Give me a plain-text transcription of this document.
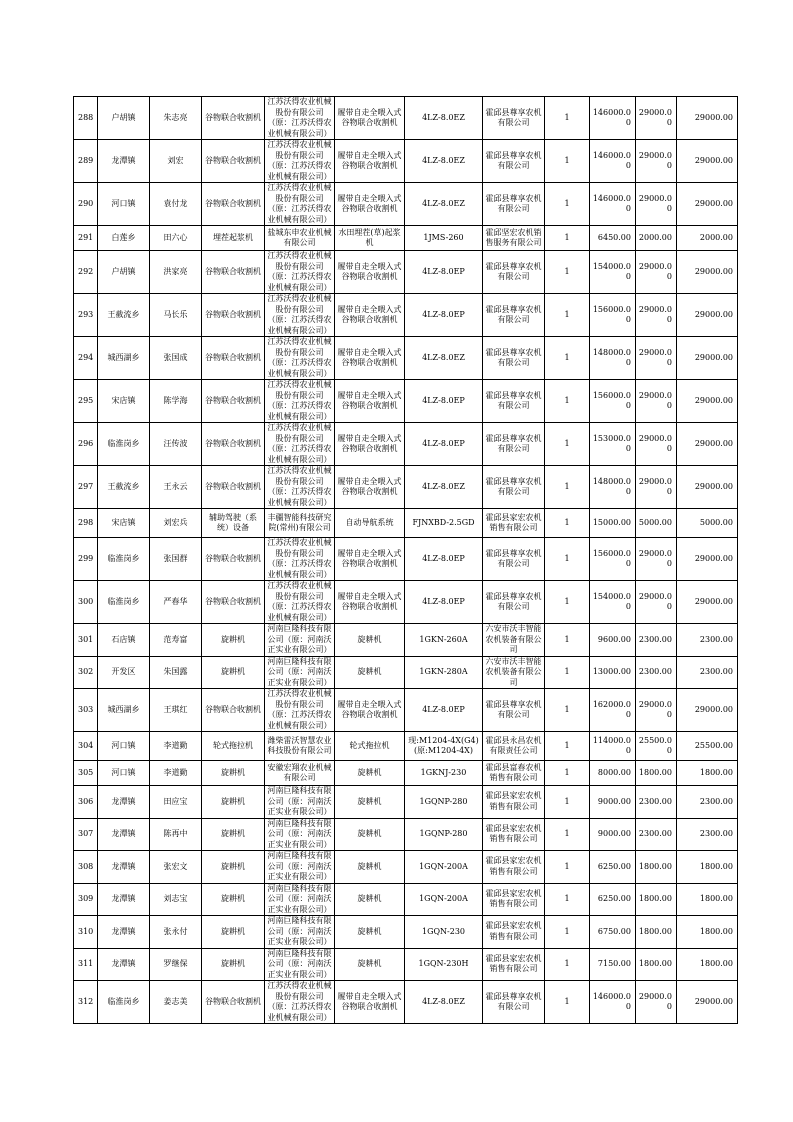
288	户胡镇	朱志亮	谷物联合收割机	江苏沃得农业机械股份有限公司（原：江苏沃得农业机械有限公司）	履带自走全喂入式谷物联合收割机	4LZ-8.0EZ	霍邱县尊享农机有限公司	1	146000.00	29000.00	29000.00
289	龙潭镇	刘宏	谷物联合收割机	江苏沃得农业机械股份有限公司（原：江苏沃得农业机械有限公司）	履带自走全喂入式谷物联合收割机	4LZ-8.0EZ	霍邱县尊享农机有限公司	1	146000.00	29000.00	29000.00
290	河口镇	袁付龙	谷物联合收割机	江苏沃得农业机械股份有限公司（原：江苏沃得农业机械有限公司）	履带自走全喂入式谷物联合收割机	4LZ-8.0EZ	霍邱县尊享农机有限公司	1	146000.00	29000.00	29000.00
291	白莲乡	田六心	埋茬起浆机	盐城东申农业机械有限公司	水田埋茬(草)起浆机	1JMS-260	霍邱坚宏农机销售服务有限公司	1	6450.00	2000.00	2000.00
292	户胡镇	洪家亮	谷物联合收割机	江苏沃得农业机械股份有限公司（原：江苏沃得农业机械有限公司）	履带自走全喂入式谷物联合收割机	4LZ-8.0EP	霍邱县尊享农机有限公司	1	154000.00	29000.00	29000.00
293	王截流乡	马长乐	谷物联合收割机	江苏沃得农业机械股份有限公司（原：江苏沃得农业机械有限公司）	履带自走全喂入式谷物联合收割机	4LZ-8.0EP	霍邱县尊享农机有限公司	1	156000.00	29000.00	29000.00
294	城西湖乡	张国成	谷物联合收割机	江苏沃得农业机械股份有限公司（原：江苏沃得农业机械有限公司）	履带自走全喂入式谷物联合收割机	4LZ-8.0EZ	霍邱县尊享农机有限公司	1	148000.00	29000.00	29000.00
295	宋店镇	陈学海	谷物联合收割机	江苏沃得农业机械股份有限公司（原：江苏沃得农业机械有限公司）	履带自走全喂入式谷物联合收割机	4LZ-8.0EP	霍邱县尊享农机有限公司	1	156000.00	29000.00	29000.00
296	临淮岗乡	汪传波	谷物联合收割机	江苏沃得农业机械股份有限公司（原：江苏沃得农业机械有限公司）	履带自走全喂入式谷物联合收割机	4LZ-8.0EP	霍邱县尊享农机有限公司	1	153000.00	29000.00	29000.00
297	王截流乡	王永云	谷物联合收割机	江苏沃得农业机械股份有限公司（原：江苏沃得农业机械有限公司）	履带自走全喂入式谷物联合收割机	4LZ-8.0EZ	霍邱县尊享农机有限公司	1	148000.00	29000.00	29000.00
298	宋店镇	刘宏兵	辅助驾驶（系统）设备	丰疆智能科技研究院(常州)有限公司	自动导航系统	FJNXBD-2.5GD	霍邱县家宏农机销售有限公司	1	15000.00	5000.00	5000.00
299	临淮岗乡	张国群	谷物联合收割机	江苏沃得农业机械股份有限公司（原：江苏沃得农业机械有限公司）	履带自走全喂入式谷物联合收割机	4LZ-8.0EP	霍邱县尊享农机有限公司	1	156000.00	29000.00	29000.00
300	临淮岗乡	严春华	谷物联合收割机	江苏沃得农业机械股份有限公司（原：江苏沃得农业机械有限公司）	履带自走全喂入式谷物联合收割机	4LZ-8.0EP	霍邱县尊享农机有限公司	1	154000.00	29000.00	29000.00
301	石店镇	范寿富	旋耕机	河南巨隆科技有限公司（原：河南沃正实业有限公司）	旋耕机	1GKN-260A	六安市沃丰智能农机装备有限公司	1	9600.00	2300.00	2300.00
302	开发区	朱国露	旋耕机	河南巨隆科技有限公司（原：河南沃正实业有限公司）	旋耕机	1GKN-280A	六安市沃丰智能农机装备有限公司	1	13000.00	2300.00	2300.00
303	城西湖乡	王琪红	谷物联合收割机	江苏沃得农业机械股份有限公司（原：江苏沃得农业机械有限公司）	履带自走全喂入式谷物联合收割机	4LZ-8.0EP	霍邱县尊享农机有限公司	1	162000.00	29000.00	29000.00
304	河口镇	李道勤	轮式拖拉机	潍柴雷沃智慧农业科技股份有限公司	轮式拖拉机	现:M1204-4X(G4)(原:M1204-4X)	霍邱县永昌农机有限责任公司	1	114000.00	25500.00	25500.00
305	河口镇	李道勤	旋耕机	安徽宏翔农业机械有限公司	旋耕机	1GKNJ-230	霍邱县富春农机销售有限公司	1	8000.00	1800.00	1800.00
306	龙潭镇	田应宝	旋耕机	河南巨隆科技有限公司（原：河南沃正实业有限公司）	旋耕机	1GQNP-280	霍邱县家宏农机销售有限公司	1	9000.00	2300.00	2300.00
307	龙潭镇	陈再中	旋耕机	河南巨隆科技有限公司（原：河南沃正实业有限公司）	旋耕机	1GQNP-280	霍邱县家宏农机销售有限公司	1	9000.00	2300.00	2300.00
308	龙潭镇	张宏文	旋耕机	河南巨隆科技有限公司（原：河南沃正实业有限公司）	旋耕机	1GQN-200A	霍邱县家宏农机销售有限公司	1	6250.00	1800.00	1800.00
309	龙潭镇	刘志宝	旋耕机	河南巨隆科技有限公司（原：河南沃正实业有限公司）	旋耕机	1GQN-200A	霍邱县家宏农机销售有限公司	1	6250.00	1800.00	1800.00
310	龙潭镇	张永付	旋耕机	河南巨隆科技有限公司（原：河南沃正实业有限公司）	旋耕机	1GQN-230	霍邱县家宏农机销售有限公司	1	6750.00	1800.00	1800.00
311	龙潭镇	罗继保	旋耕机	河南巨隆科技有限公司（原：河南沃正实业有限公司）	旋耕机	1GQN-230H	霍邱县家宏农机销售有限公司	1	7150.00	1800.00	1800.00
312	临淮岗乡	姜志美	谷物联合收割机	江苏沃得农业机械股份有限公司（原：江苏沃得农业机械有限公司）	履带自走全喂入式谷物联合收割机	4LZ-8.0EZ	霍邱县尊享农机有限公司	1	146000.00	29000.00	29000.00
